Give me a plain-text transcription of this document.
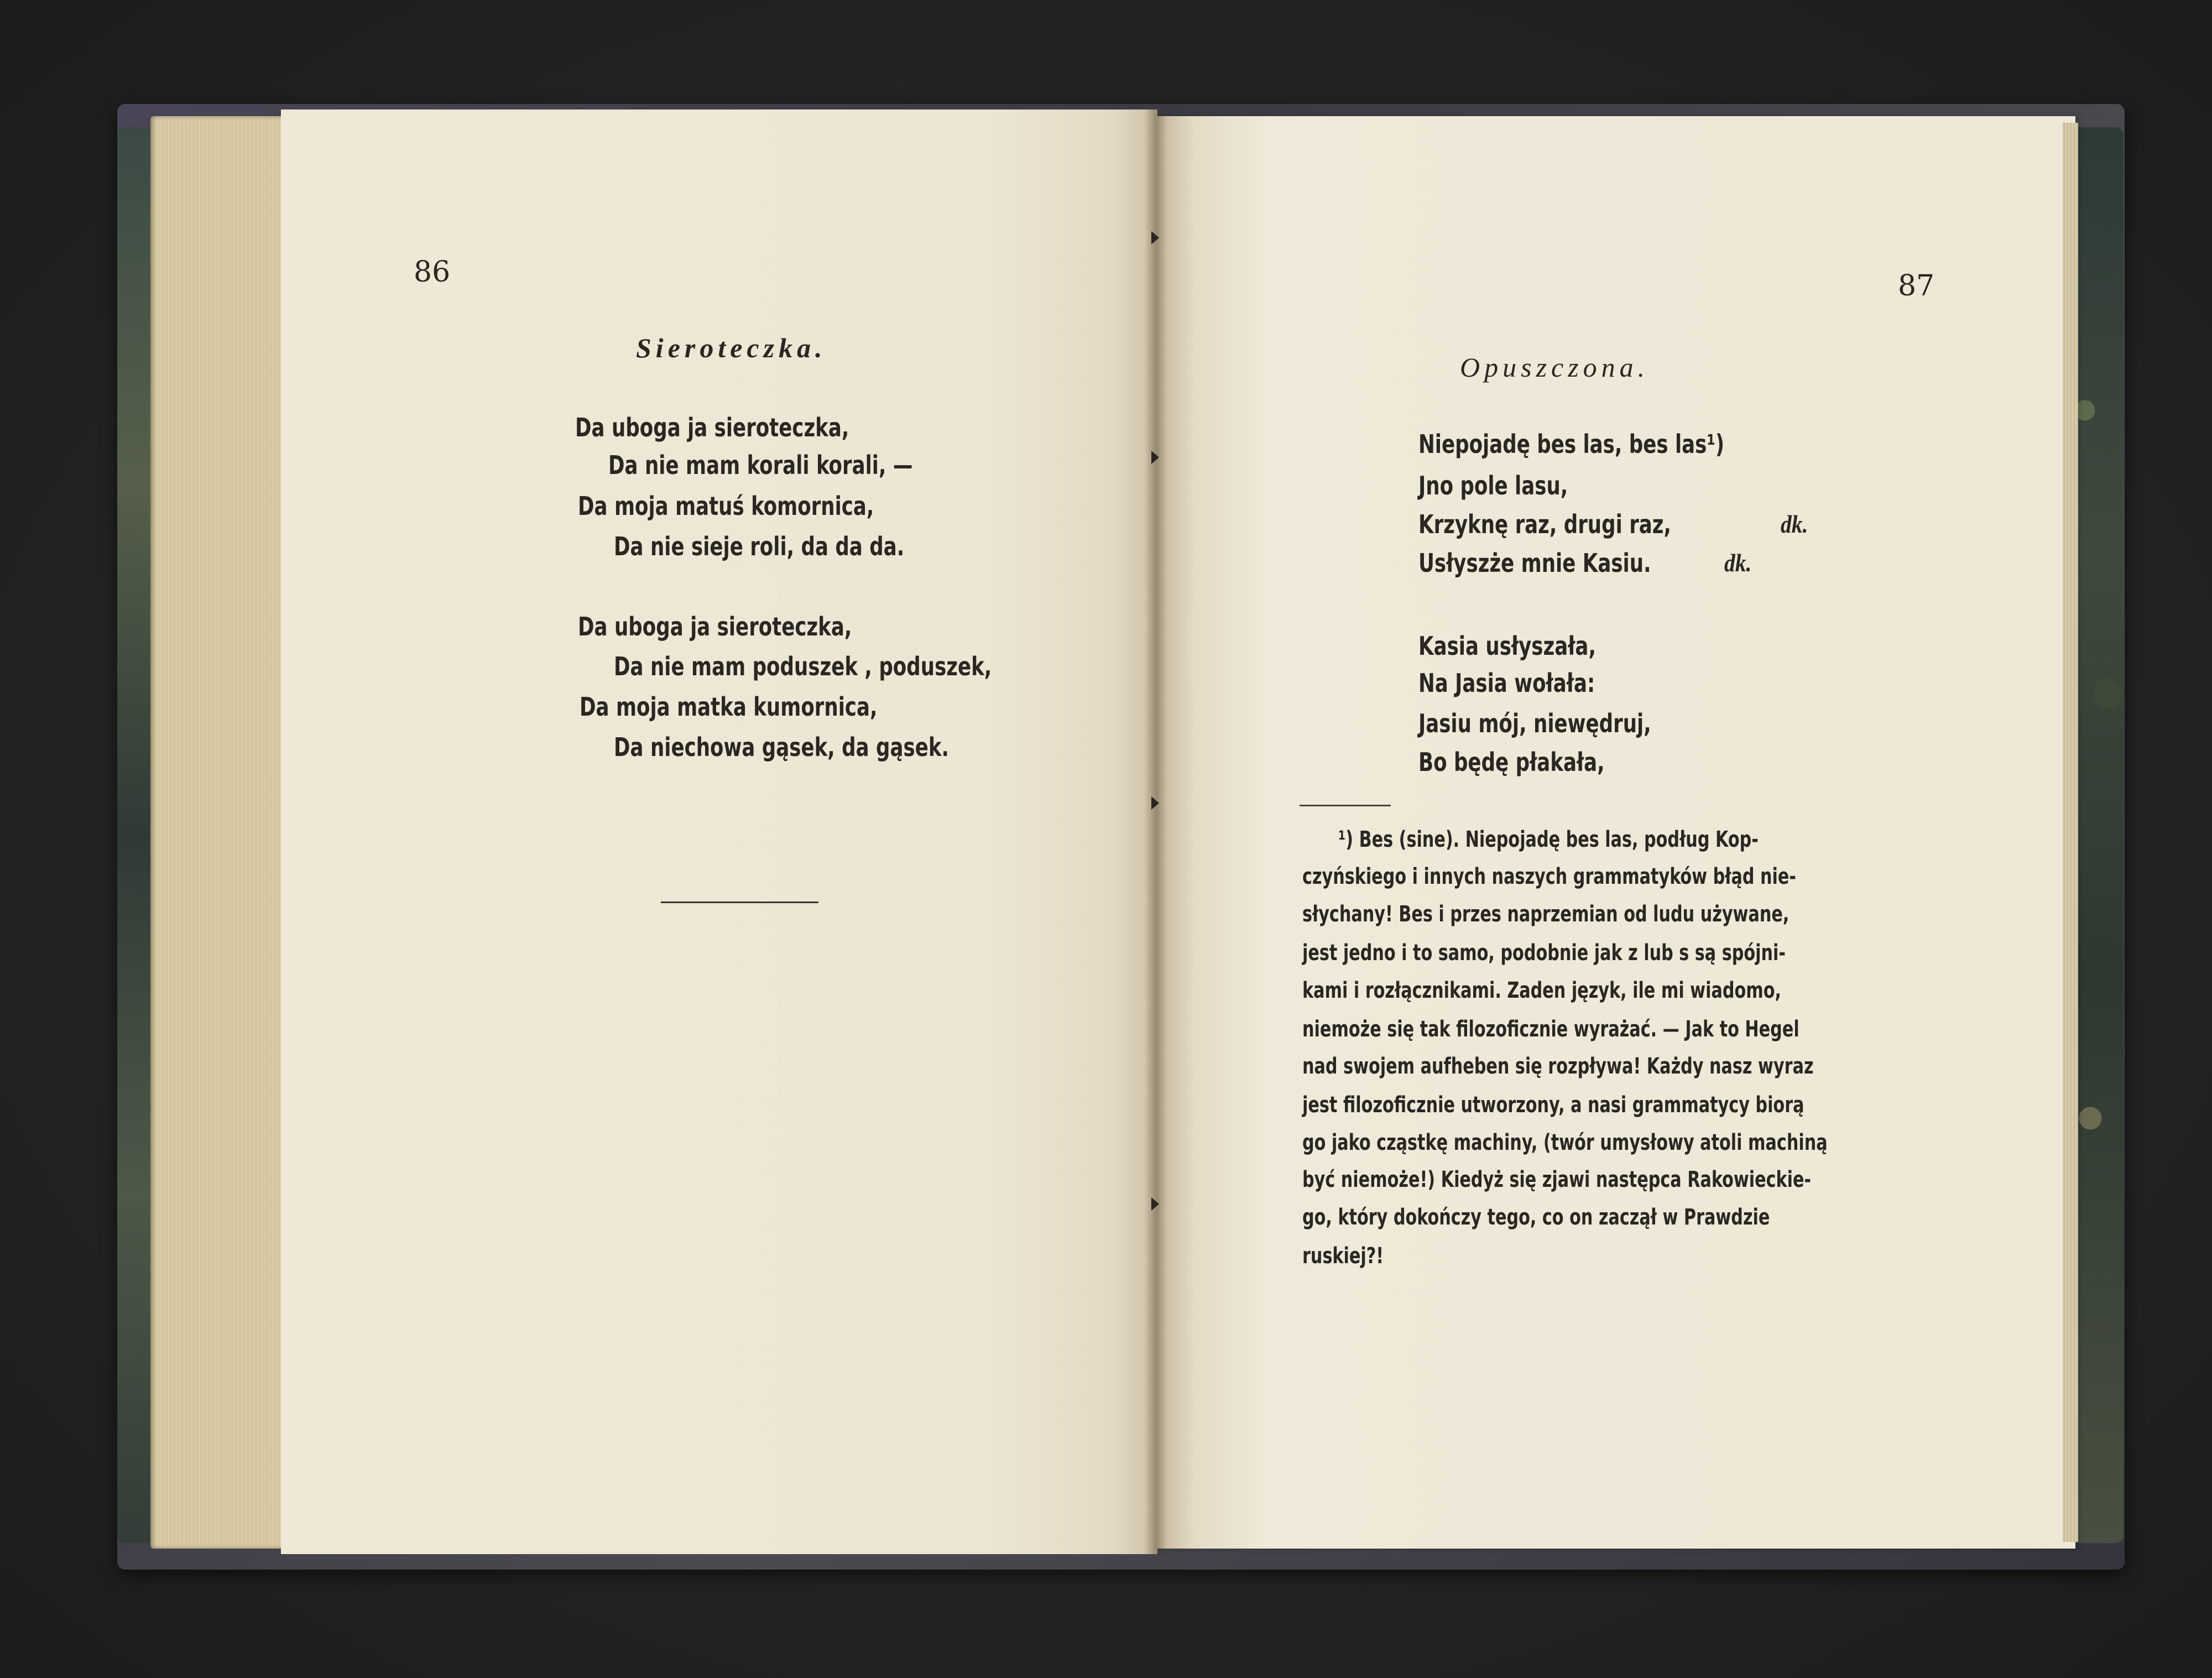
86
Sieroteczka.
Da uboga ja sieroteczka,
Da nie mam korali korali, —
Da moja matuś komornica,
Da nie sieje roli, da da da.
Da uboga ja sieroteczka,
Da nie mam poduszek , poduszek,
Da moja matka kumornica,
Da niechowa gąsek, da gąsek.
87
Opuszczona.
Niepojadę bes las, bes las¹)
Jno pole lasu,
Krzyknę raz, drugi raz,	dk.
Usłyszże mnie Kasiu.	dk.
Kasia usłyszała,
Na Jasia wołała:
Jasiu mój, niewędruj,
Bo będę płakała,
¹) Bes (sine). Niepojadę bes las, podług Kop-
czyńskiego i innych naszych grammatyków błąd nie-
słychany! Bes i przes naprzemian od ludu używane,
jest jedno i to samo, podobnie jak z lub s są spójni-
kami i rozłącznikami. Zaden język, ile mi wiadomo,
niemoże się tak filozoficznie wyrażać. — Jak to Hegel
nad swojem aufheben się rozpływa! Każdy nasz wyraz
jest filozoficznie utworzony, a nasi grammatycy biorą
go jako cząstkę machiny, (twór umysłowy atoli machiną
być niemoże!) Kiedyż się zjawi następca Rakowieckie-
go, który dokończy tego, co on zaczął w Prawdzie
ruskiej?!
